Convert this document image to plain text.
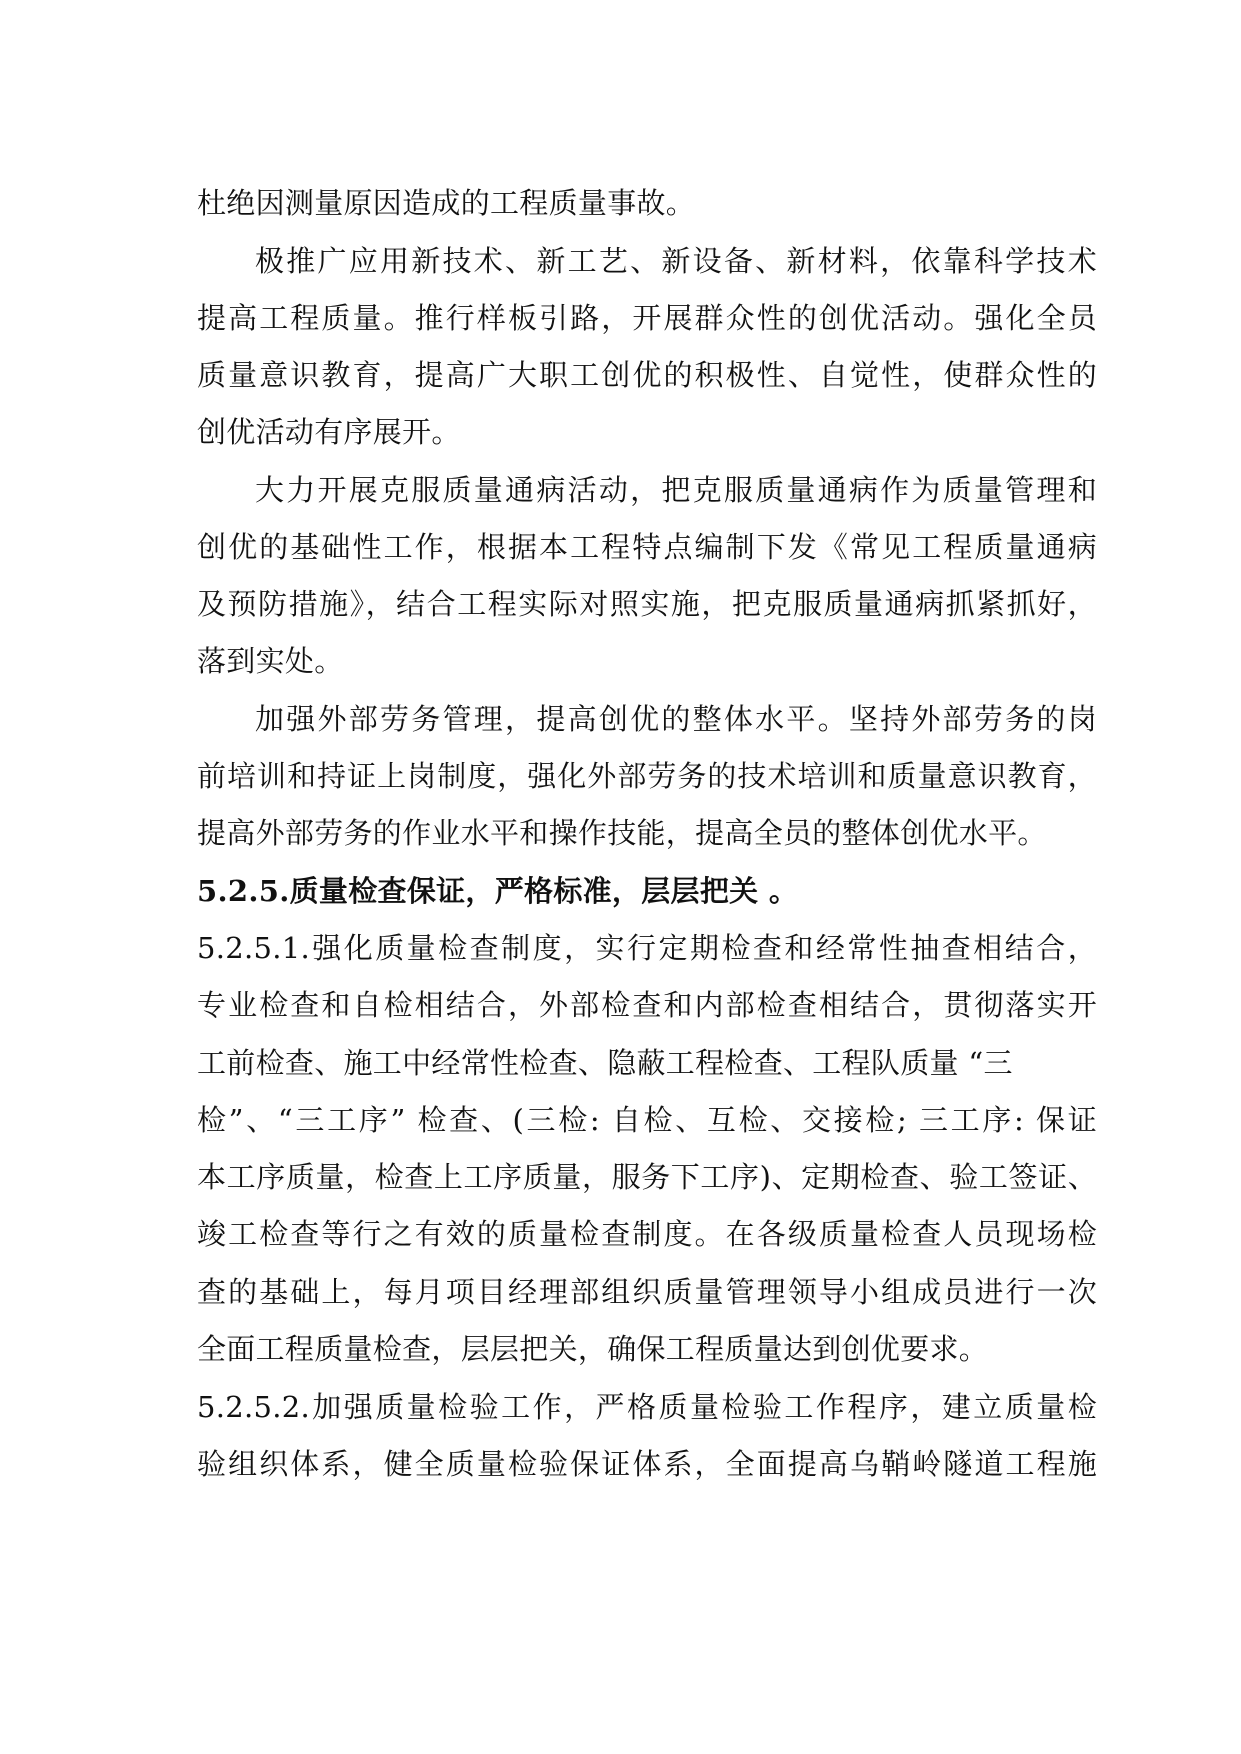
杜绝因测量原因造成的工程质量事故。
极推广应用新技术、新工艺、新设备、新材料，依靠科学技术
提高工程质量。推行样板引路，开展群众性的创优活动。强化全员
质量意识教育，提高广大职工创优的积极性、自觉性，使群众性的
创优活动有序展开。
大力开展克服质量通病活动，把克服质量通病作为质量管理和
创优的基础性工作，根据本工程特点编制下发《常见工程质量通病
及预防措施》，结合工程实际对照实施，把克服质量通病抓紧抓好，
落到实处。
加强外部劳务管理，提高创优的整体水平。坚持外部劳务的岗
前培训和持证上岗制度，强化外部劳务的技术培训和质量意识教育，
提高外部劳务的作业水平和操作技能，提高全员的整体创优水平。
5.2.5.质量检查保证，严格标准，层层把关 。
5.2.5.1.强化质量检查制度，实行定期检查和经常性抽查相结合，
专业检查和自检相结合，外部检查和内部检查相结合，贯彻落实开
工前检查、施工中经常性检查、隐蔽工程检查、工程队质量 “三
检”、“三工序” 检查、(三检: 自检、互检、交接检; 三工序: 保证
本工序质量，检查上工序质量，服务下工序)、定期检查、验工签证、
竣工检查等行之有效的质量检查制度。在各级质量检查人员现场检
查的基础上，每月项目经理部组织质量管理领导小组成员进行一次
全面工程质量检查，层层把关，确保工程质量达到创优要求。
5.2.5.2.加强质量检验工作，严格质量检验工作程序，建立质量检
验组织体系，健全质量检验保证体系，全面提高乌鞘岭隧道工程施
